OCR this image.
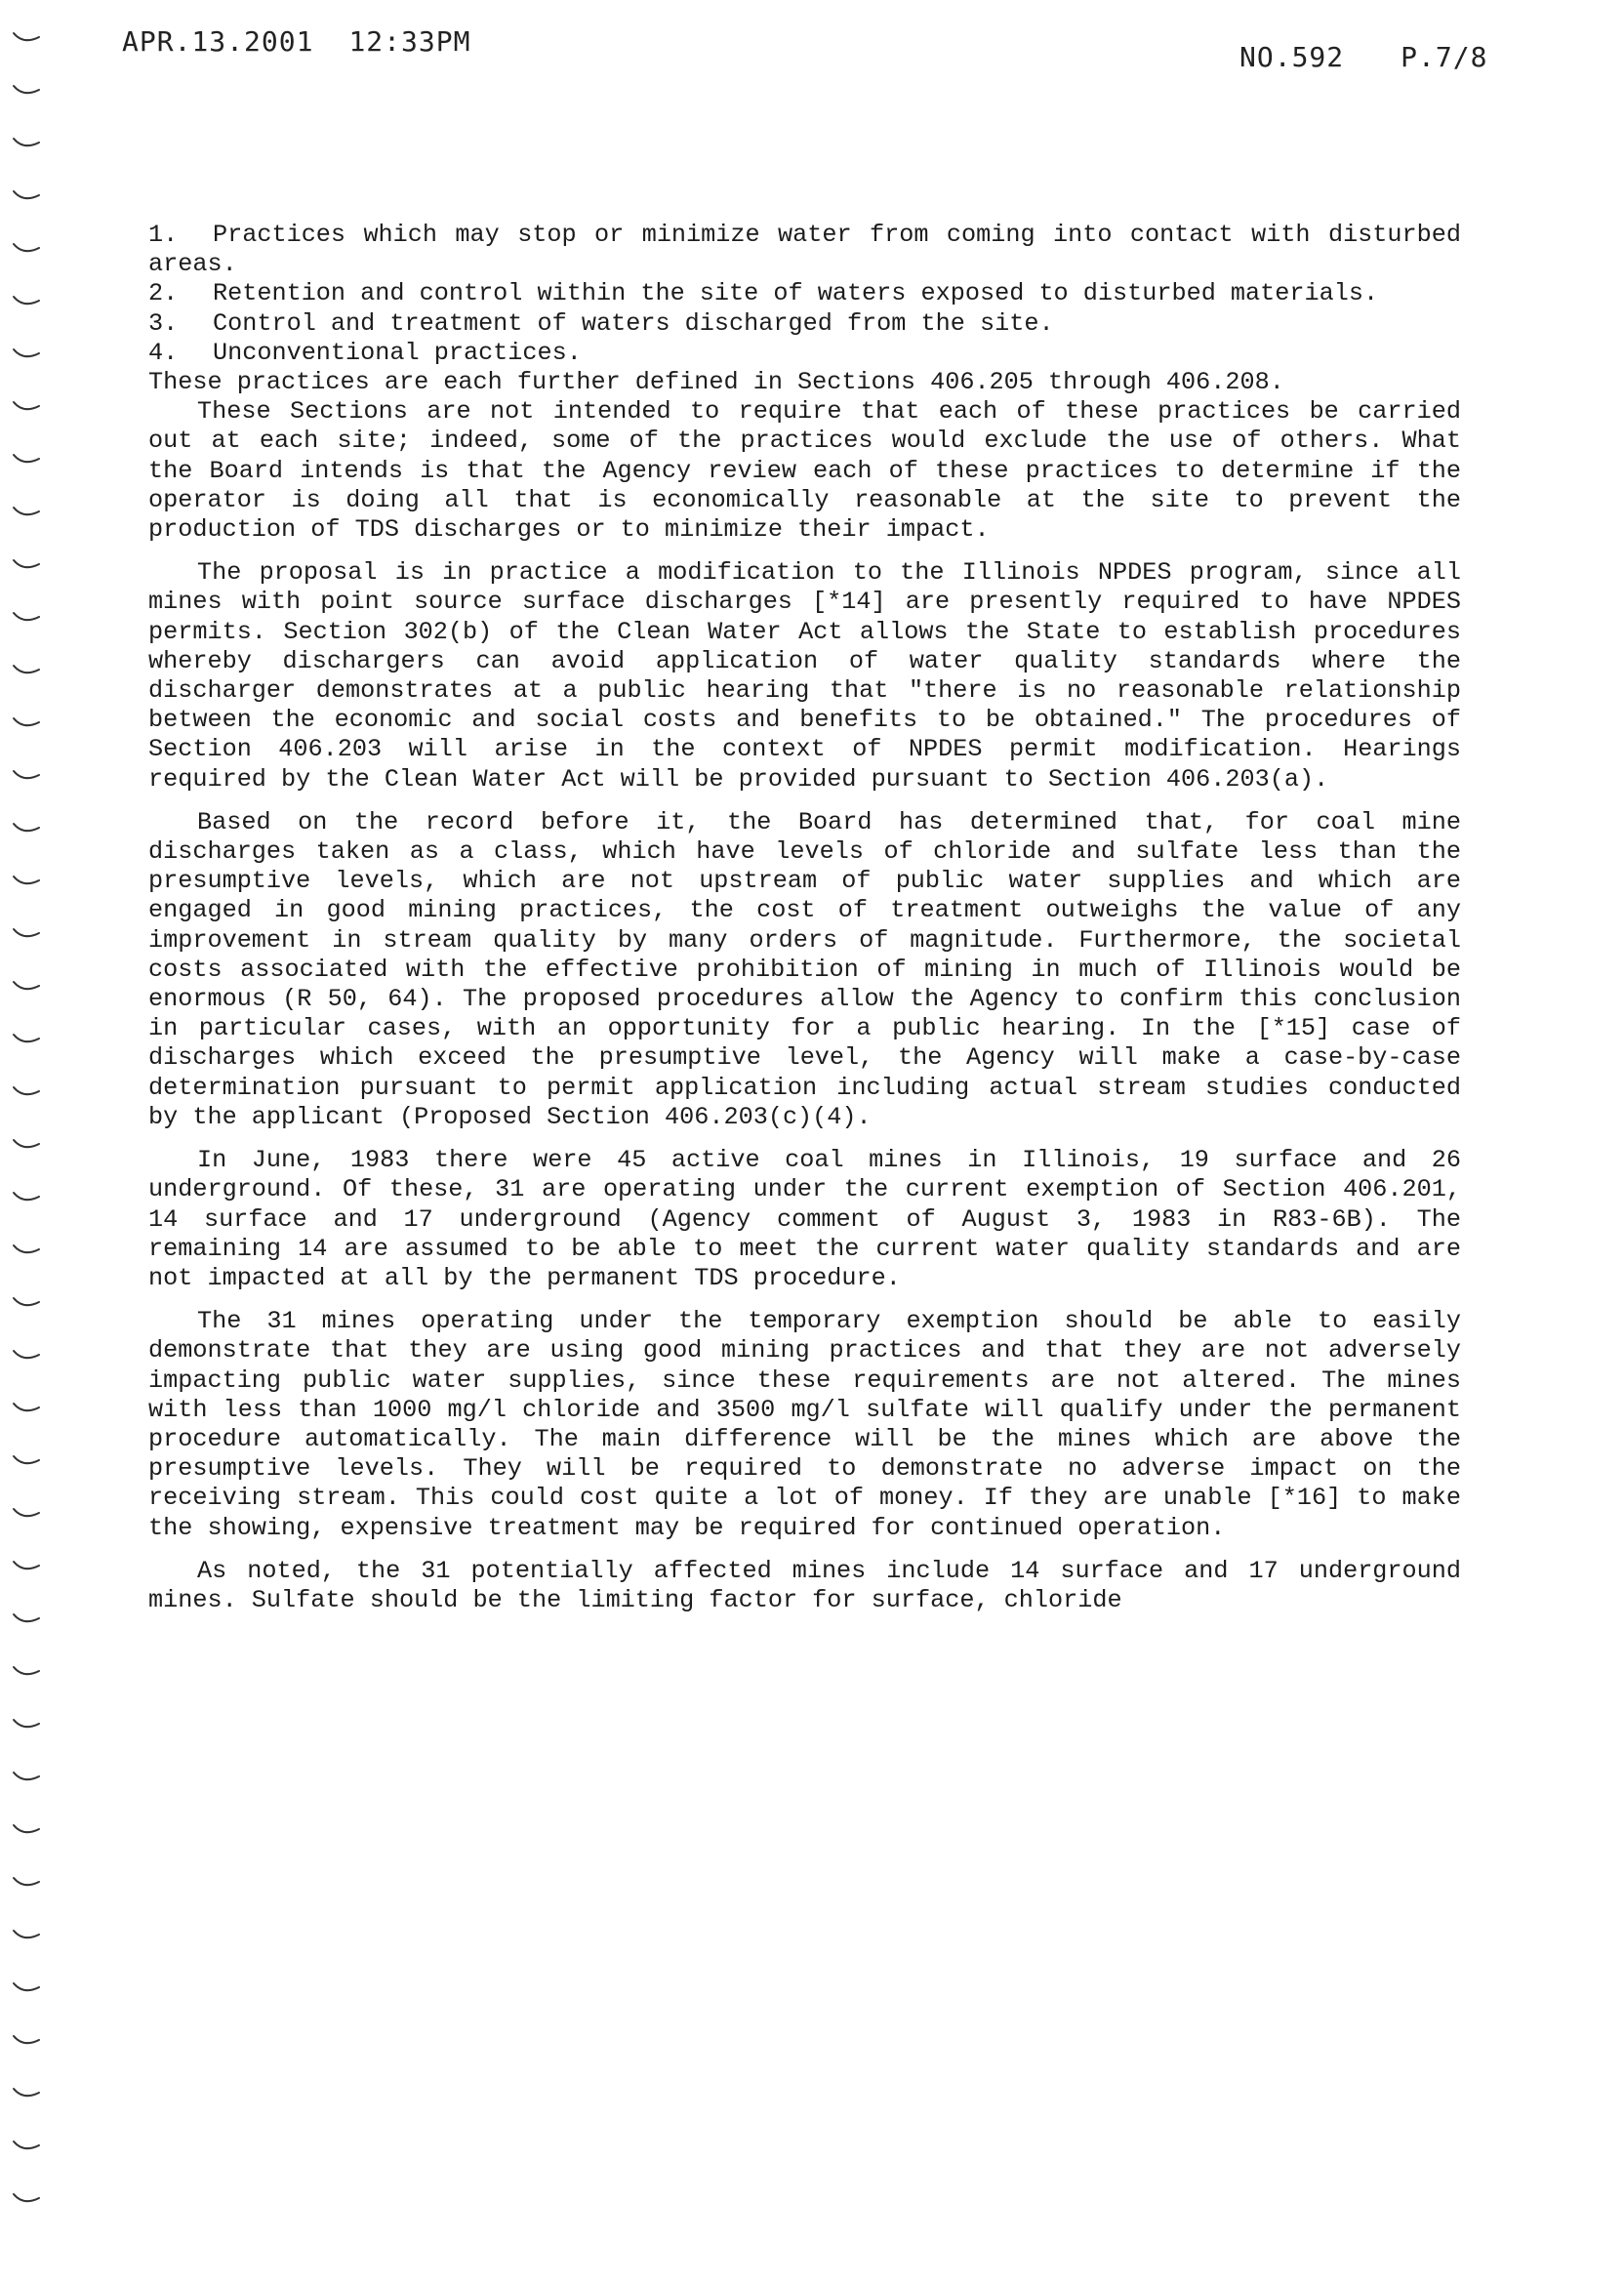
APR.13.2001 12:33PM	NO.592 P.7/8

1. Practices which may stop or minimize water from coming into contact with disturbed areas.

2. Retention and control within the site of waters exposed to disturbed materials.

3. Control and treatment of waters discharged from the site.

4. Unconventional practices.

These practices are each further defined in Sections 406.205 through 406.208.

These Sections are not intended to require that each of these practices be carried out at each site; indeed, some of the practices would exclude the use of others. What the Board intends is that the Agency review each of these practices to determine if the operator is doing all that is economically reasonable at the site to prevent the production of TDS discharges or to minimize their impact.

The proposal is in practice a modification to the Illinois NPDES program, since all mines with point source surface discharges [*14] are presently required to have NPDES permits. Section 302(b) of the Clean Water Act allows the State to establish procedures whereby dischargers can avoid application of water quality standards where the discharger demonstrates at a public hearing that "there is no reasonable relationship between the economic and social costs and benefits to be obtained." The procedures of Section 406.203 will arise in the context of NPDES permit modification. Hearings required by the Clean Water Act will be provided pursuant to Section 406.203(a).

Based on the record before it, the Board has determined that, for coal mine discharges taken as a class, which have levels of chloride and sulfate less than the presumptive levels, which are not upstream of public water supplies and which are engaged in good mining practices, the cost of treatment outweighs the value of any improvement in stream quality by many orders of magnitude. Furthermore, the societal costs associated with the effective prohibition of mining in much of Illinois would be enormous (R 50, 64). The proposed procedures allow the Agency to confirm this conclusion in particular cases, with an opportunity for a public hearing. In the [*15] case of discharges which exceed the presumptive level, the Agency will make a case-by-case determination pursuant to permit application including actual stream studies conducted by the applicant (Proposed Section 406.203(c)(4).

In June, 1983 there were 45 active coal mines in Illinois, 19 surface and 26 underground. Of these, 31 are operating under the current exemption of Section 406.201, 14 surface and 17 underground (Agency comment of August 3, 1983 in R83-6B). The remaining 14 are assumed to be able to meet the current water quality standards and are not impacted at all by the permanent TDS procedure.

The 31 mines operating under the temporary exemption should be able to easily demonstrate that they are using good mining practices and that they are not adversely impacting public water supplies, since these requirements are not altered. The mines with less than 1000 mg/l chloride and 3500 mg/l sulfate will qualify under the permanent procedure automatically. The main difference will be the mines which are above the presumptive levels. They will be required to demonstrate no adverse impact on the receiving stream. This could cost quite a lot of money. If they are unable [*16] to make the showing, expensive treatment may be required for continued operation.

As noted, the 31 potentially affected mines include 14 surface and 17 underground mines. Sulfate should be the limiting factor for surface, chloride
